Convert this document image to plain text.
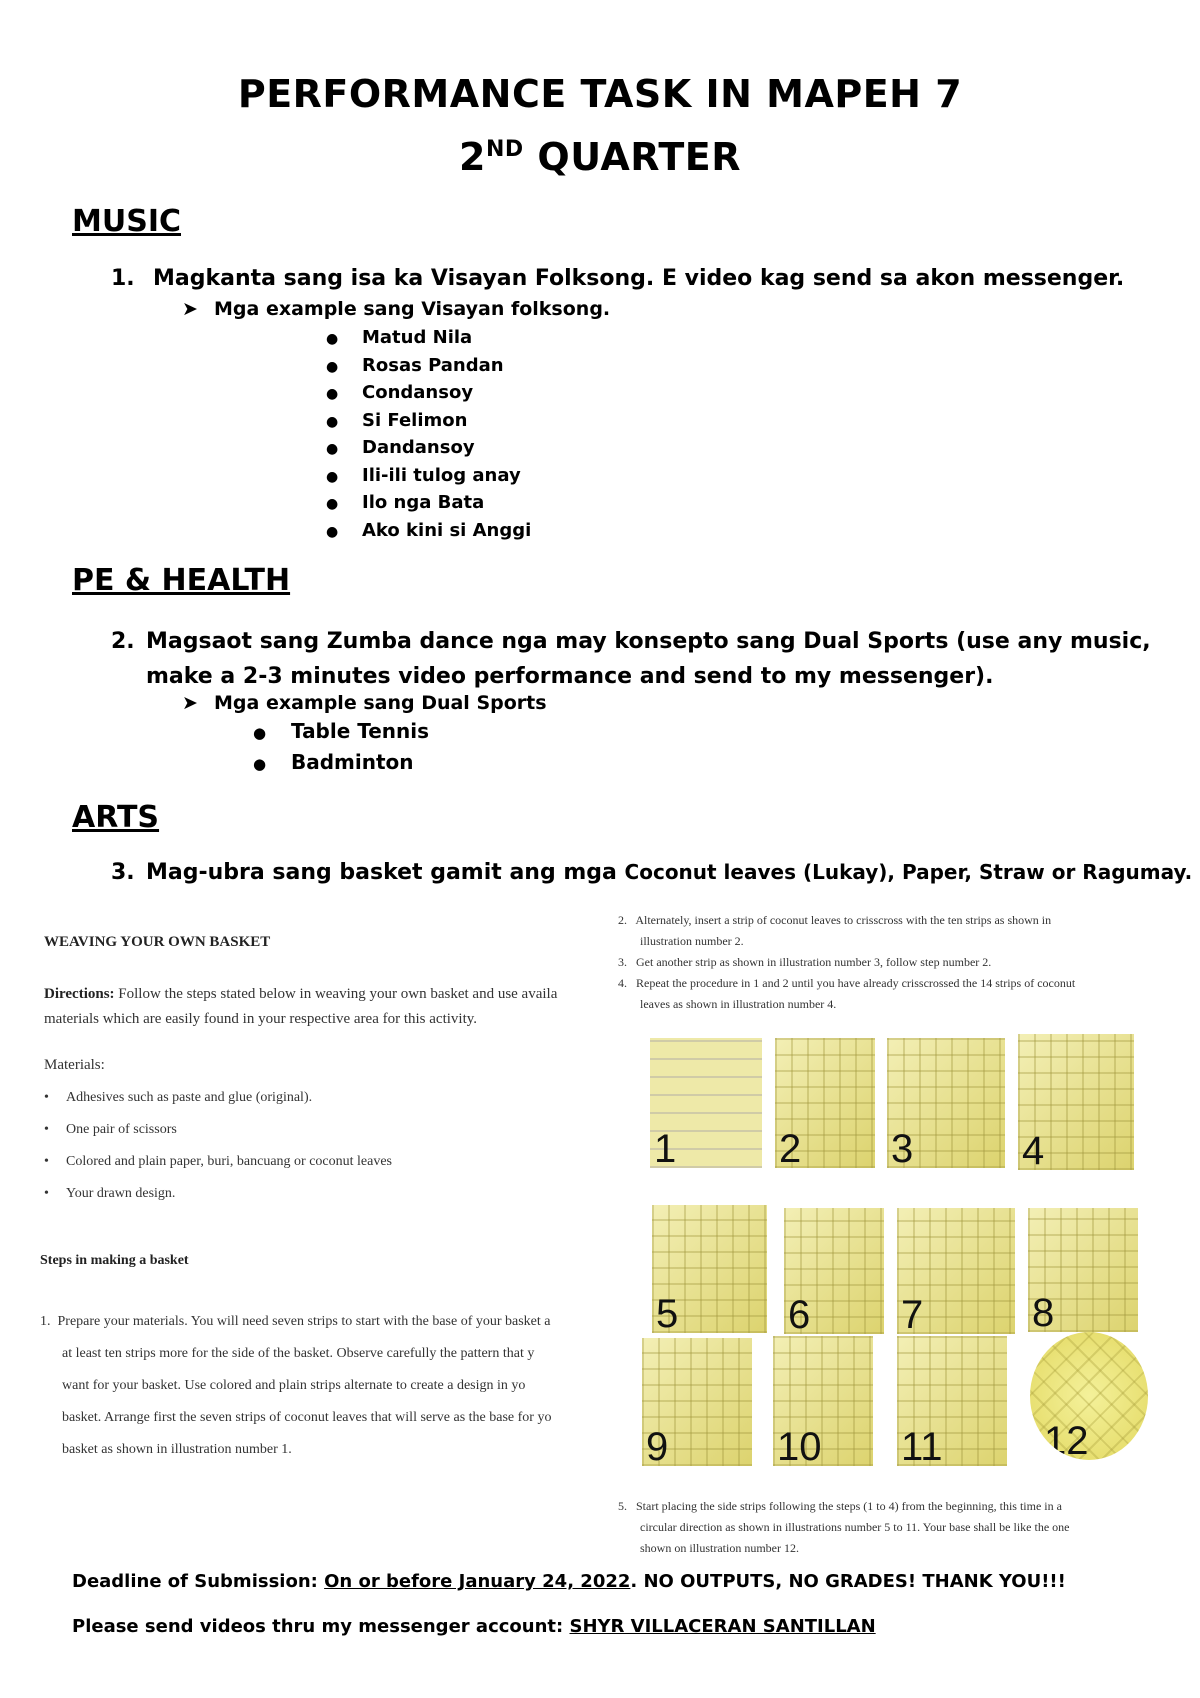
PERFORMANCE TASK IN MAPEH 7
2ND QUARTER
MUSIC
1. Magkanta sang isa ka Visayan Folksong. E video kag send sa akon messenger.
➤ Mga example sang Visayan folksong.
● Matud Nila
● Rosas Pandan
● Condansoy
● Si Felimon
● Dandansoy
● Ili-ili tulog anay
● Ilo nga Bata
● Ako kini si Anggi
PE & HEALTH
2. Magsaot sang Zumba dance nga may konsepto sang Dual Sports (use any music,
make a 2-3 minutes video performance and send to my messenger).
➤ Mga example sang Dual Sports
● Table Tennis
● Badminton
ARTS
3. Mag-ubra sang basket gamit ang mga Coconut leaves (Lukay), Paper, Straw or Ragumay.
WEAVING YOUR OWN BASKET
Directions: Follow the steps stated below in weaving your own basket and use availa
materials which are easily found in your respective area for this activity.
Materials:
• Adhesives such as paste and glue (original).
• One pair of scissors
• Colored and plain paper, buri, bancuang or coconut leaves
• Your drawn design.
Steps in making a basket
1.  Prepare your materials. You will need seven strips to start with the base of your basket a
at least ten strips more for the side of the basket. Observe carefully the pattern that y
want for your basket. Use colored and plain strips alternate to create a design in yo
basket. Arrange first the seven strips of coconut leaves that will serve as the base for yo
basket as shown in illustration number 1.
2.   Alternately, insert a strip of coconut leaves to crisscross with the ten strips as shown in
illustration number 2.
3.   Get another strip as shown in illustration number 3, follow step number 2.
4.   Repeat the procedure in 1 and 2 until you have already crisscrossed the 14 strips of coconut
leaves as shown in illustration number 4.
1	2 3	4
5	6 7	8
9	10 11	12
5.   Start placing the side strips following the steps (1 to 4) from the beginning, this time in a
circular direction as shown in illustrations number 5 to 11. Your base shall be like the one
shown on illustration number 12.
Deadline of Submission: On or before January 24, 2022. NO OUTPUTS, NO GRADES! THANK YOU!!!
Please send videos thru my messenger account: SHYR VILLACERAN SANTILLAN
